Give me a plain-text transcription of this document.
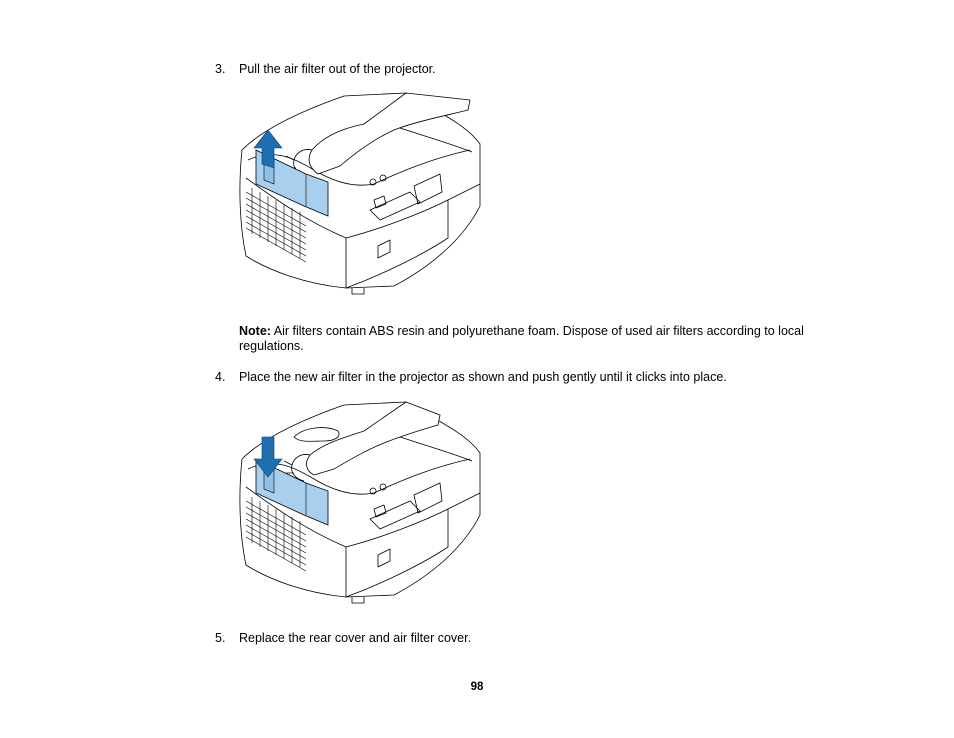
3. Pull the air filter out of the projector.
Note: Air filters contain ABS resin and polyurethane foam. Dispose of used air filters according to local regulations.
4. Place the new air filter in the projector as shown and push gently until it clicks into place.
5. Replace the rear cover and air filter cover.
98
